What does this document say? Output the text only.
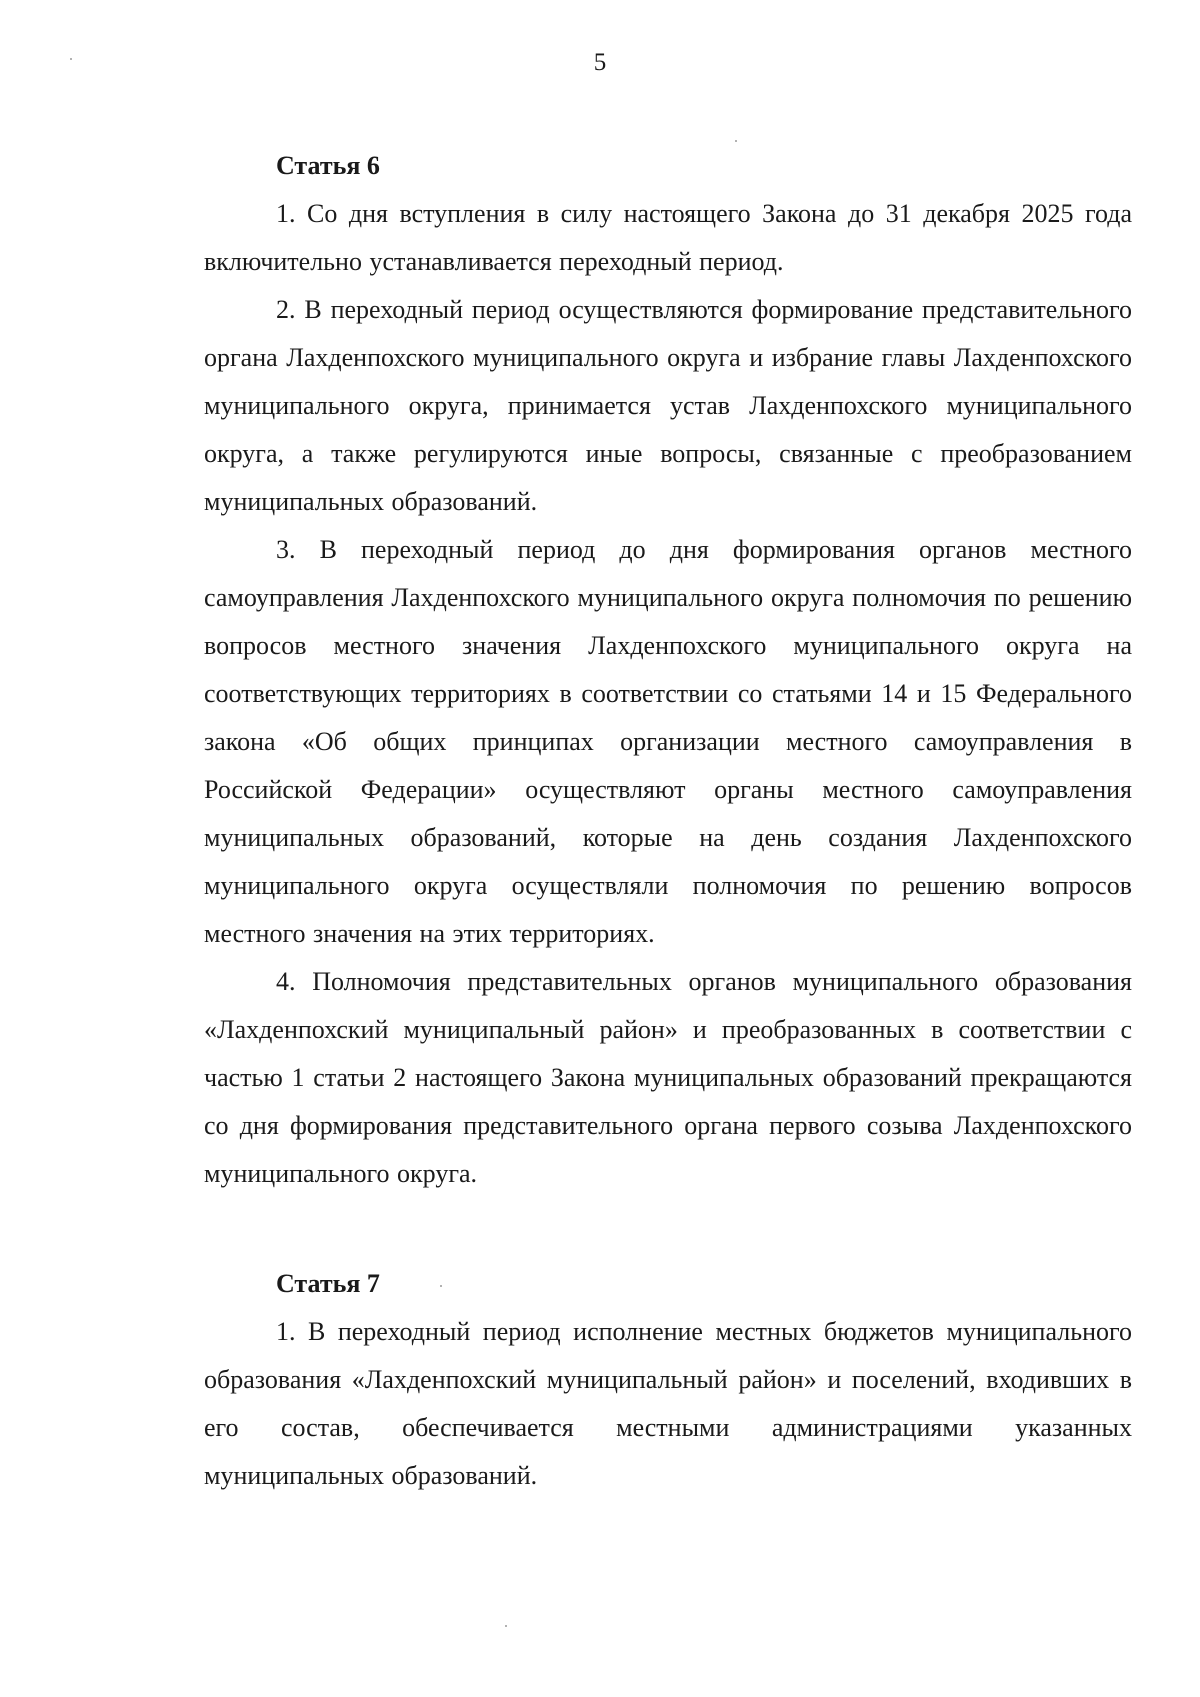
5
Статья 6

1. Со дня вступления в силу настоящего Закона до 31 декабря 2025 года включительно устанавливается переходный период.

2. В переходный период осуществляются формирование представительного органа Лахденпохского муниципального округа и избрание главы Лахденпохского муниципального округа, принимается устав Лахденпохского муниципального округа, а также регулируются иные вопросы, связанные с преобразованием муниципальных образований.

3. В переходный период до дня формирования органов местного самоуправления Лахденпохского муниципального округа полномочия по решению вопросов местного значения Лахденпохского муниципального округа на соответствующих территориях в соответствии со статьями 14 и 15 Федерального закона «Об общих принципах организации местного самоуправления в Российской Федерации» осуществляют органы местного самоуправления муниципальных образований, которые на день создания Лахденпохского муниципального округа осуществляли полномочия по решению вопросов местного значения на этих территориях.

4. Полномочия представительных органов муниципального образования «Лахденпохский муниципальный район» и преобразованных в соответствии с частью 1 статьи 2 настоящего Закона муниципальных образований прекращаются со дня формирования представительного органа первого созыва Лахденпохского муниципального округа.

Статья 7

1. В переходный период исполнение местных бюджетов муниципального образования «Лахденпохский муниципальный район» и поселений, входивших в его состав, обеспечивается местными администрациями указанных муниципальных образований.
